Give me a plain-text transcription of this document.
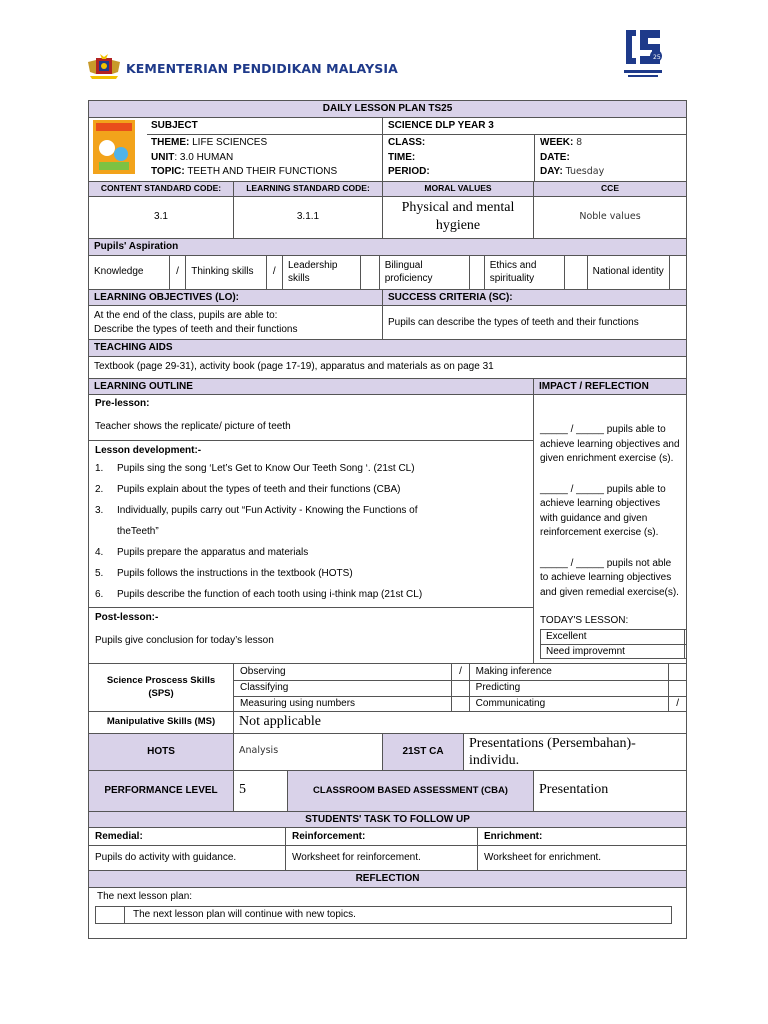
KEMENTERIAN PENDIDIKAN MALAYSIA
25
DAILY LESSON PLAN TS25

SUBJECT
THEME: LIFE SCIENCES
UNIT: 3.0 HUMAN
TOPIC: TEETH AND THEIR FUNCTIONS

SCIENCE DLP YEAR 3
CLASS:
TIME:
PERIOD:
WEEK: 8
DATE:
DAY: Tuesday

CONTENT STANDARD CODE:	LEARNING STANDARD CODE:	MORAL VALUES	CCE
3.1	3.1.1	Physical and mental hygiene	Noble values
Pupils' Aspiration

Knowledge	/	Thinking skills	/	Leadership skills		Bilingual proficiency		Ethics and spirituality		National identity	

LEARNING OBJECTIVES (LO):	SUCCESS CRITERIA (SC):

At the end of the class, pupils are able to:
Describe the types of teeth and their functions
	Pupils can describe the types of teeth and their functions
TEACHING AIDS
Textbook (page 29-31), activity book (page 17-19), apparatus and materials as on page 31
LEARNING OUTLINE	IMPACT / REFLECTION

Pre-lesson:
Teacher shows the replicate/ picture of teeth
Lesson development:-
1.	Pupils sing the song ‘Let’s Get to Know Our Teeth Song ‘. (21st CL)
2.	Pupils explain about the types of teeth and their functions (CBA)
3.	Individually, pupils carry out “Fun Activity - Knowing the Functions of
theTeeth”
4.	Pupils prepare the apparatus and materials
5.	Pupils follows the instructions in the textbook (HOTS)
6.	Pupils describe the function of each tooth using i-think map (21st CL)
Post-lesson:-
Pupils give conclusion for today’s lesson

_____ / _____ pupils able to achieve learning objectives and given enrichment exercise (s).

_____ / _____ pupils able to achieve learning objectives with guidance and given reinforcement exercise (s).

_____ / _____ pupils not able to achieve learning objectives and given remedial exercise(s).

TODAY'S LESSON:
Excellent	
Need improvemnt	

Science Proscess Skills (SPS)	
Observing	/	Making inference	
Classifying		Predicting	
Measuring using numbers		Communicating	/

Manipulative Skills (MS)	Not applicable
HOTS	Analysis	21ST CA
Presentations (Persembahan)-individu.

PERFORMANCE LEVEL	5	CLASSROOM BASED ASSESSMENT (CBA)	Presentation
STUDENTS' TASK TO FOLLOW UP

Remedial:	Reinforcement:	Enrichment:

Pupils do activity with guidance.	Worksheet for reinforcement.	Worksheet for enrichment.

REFLECTION

The next lesson plan:
The next lesson plan will continue with new topics.
